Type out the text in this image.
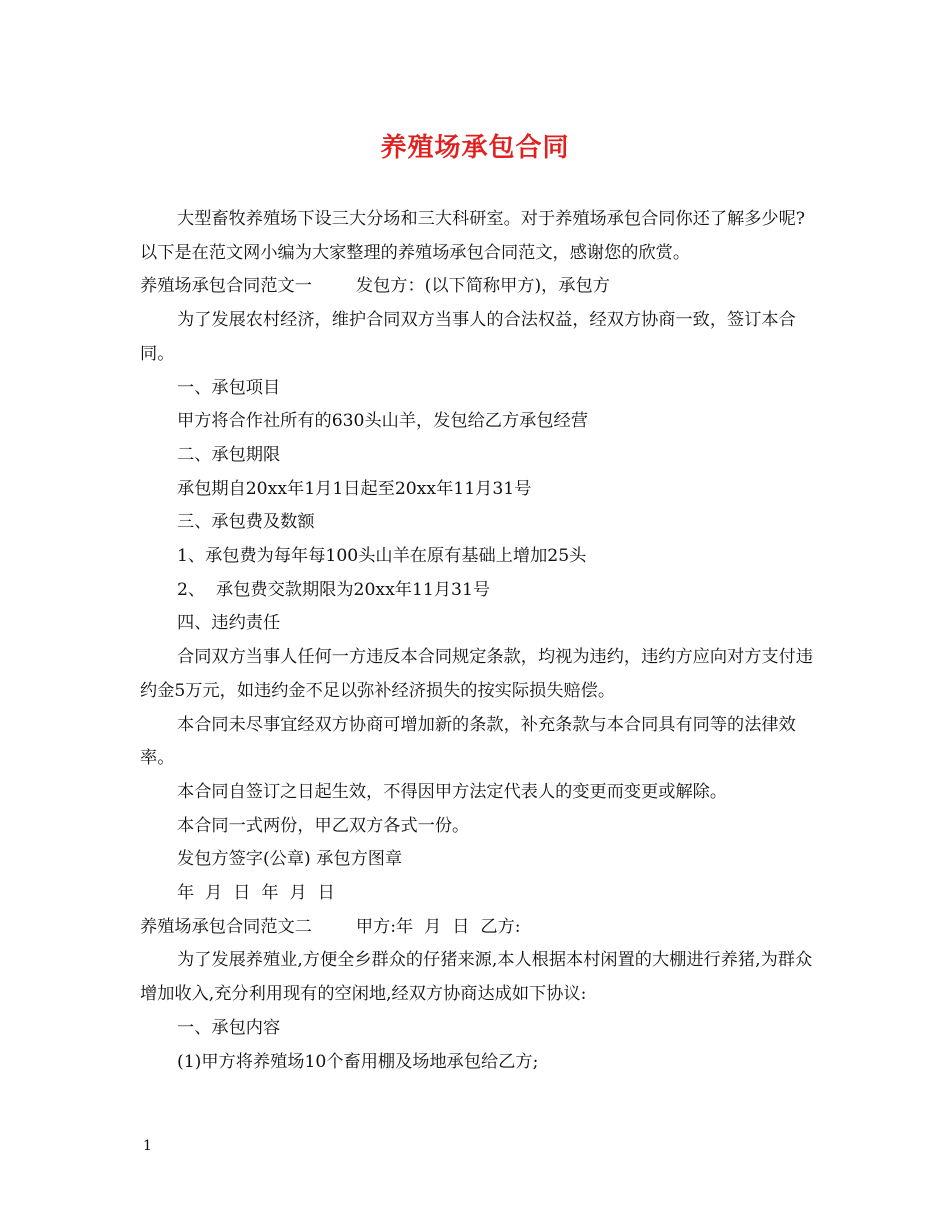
养殖场承包合同

大型畜牧养殖场下设三大分场和三大科研室。对于养殖场承包合同你还了解多少呢?以下是在范文网小编为大家整理的养殖场承包合同范文，感谢您的欣赏。

养殖场承包合同范文一	发包方：(以下简称甲方)，承包方

为了发展农村经济，维护合同双方当事人的合法权益，经双方协商一致，签订本合同。

一、承包项目

甲方将合作社所有的630头山羊，发包给乙方承包经营

二、承包期限

承包期自20xx年1月1日起至20xx年11月31号

三、承包费及数额

1、承包费为每年每100头山羊在原有基础上增加25头

2、  承包费交款期限为20xx年11月31号

四、违约责任

合同双方当事人任何一方违反本合同规定条款，均视为违约，违约方应向对方支付违约金5万元，如违约金不足以弥补经济损失的按实际损失赔偿。

本合同未尽事宜经双方协商可增加新的条款，补充条款与本合同具有同等的法律效率。

本合同自签订之日起生效，不得因甲方法定代表人的变更而变更或解除。

本合同一式两份，甲乙双方各式一份。

发包方签字(公章) 承包方图章

年  月  日  年  月  日

养殖场承包合同范文二	甲方:年  月  日  乙方:

为了发展养殖业,方便全乡群众的仔猪来源,本人根据本村闲置的大棚进行养猪,为群众增加收入,充分利用现有的空闲地,经双方协商达成如下协议:

一、承包内容

(1)甲方将养殖场10个畜用棚及场地承包给乙方;

1
